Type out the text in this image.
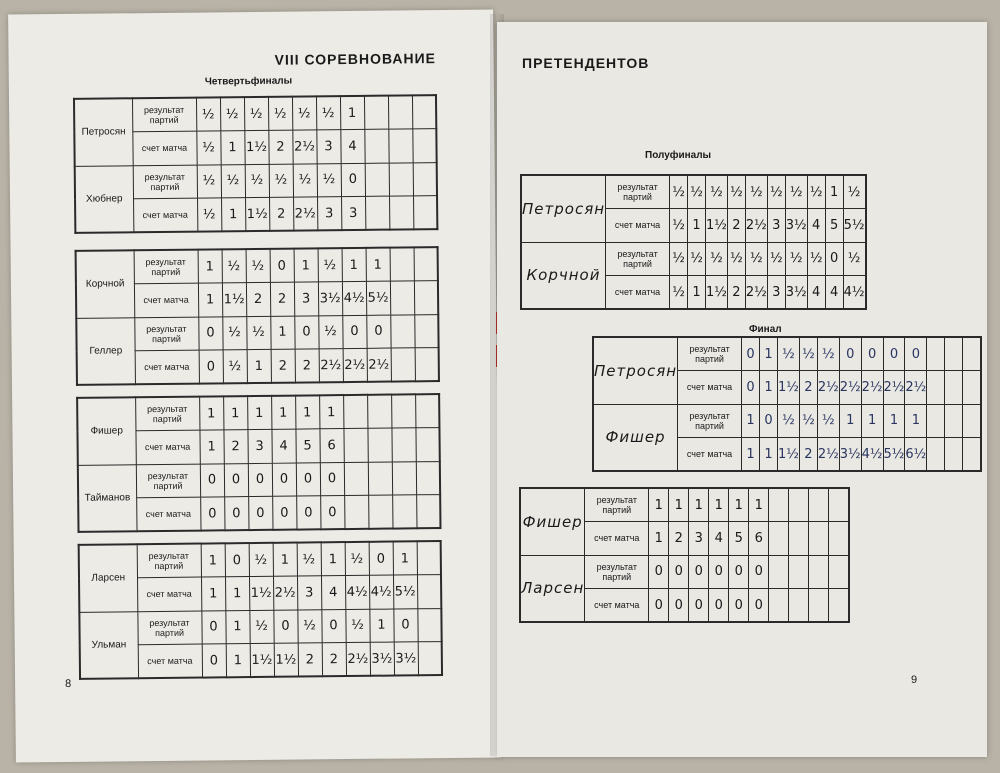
VIII СОРЕВНОВАНИЕ
Четвертьфиналы
Петросян	результат партий	½	½	½	½	½	½	1			
	счет матча	½	1	1½	2	2½	3	4			
Хюбнер	результат партий	½	½	½	½	½	½	0			
	счет матча	½	1	1½	2	2½	3	3			
Корчной	результат партий	1	½	½	0	1	½	1	1		
	счет матча	1	1½	2	2	3	3½	4½	5½		
Геллер	результат партий	0	½	½	1	0	½	0	0		
	счет матча	0	½	1	2	2	2½	2½	2½		
Фишер	результат партий	1	1	1	1	1	1				
	счет матча	1	2	3	4	5	6				
Тайманов	результат партий	0	0	0	0	0	0				
	счет матча	0	0	0	0	0	0				
Ларсен	результат партий	1	0	½	1	½	1	½	0	1	
	счет матча	1	1	1½	2½	3	4	4½	4½	5½	
Ульман	результат партий	0	1	½	0	½	0	½	1	0	
	счет матча	0	1	1½	1½	2	2	2½	3½	3½	
8
ПРЕТЕНДЕНТОВ
Полуфиналы
Финал
Петросян	результат партий	½	½	½	½	½	½	½	½	1	½
	счет матча	½	1	1½	2	2½	3	3½	4	5	5½
Корчной	результат партий	½	½	½	½	½	½	½	½	0	½
	счет матча	½	1	1½	2	2½	3	3½	4	4	4½
Петросян	результат партий	0	1	½	½	½	0	0	0	0			
	счет матча	0	1	1½	2	2½	2½	2½	2½	2½			
Фишер	результат партий	1	0	½	½	½	1	1	1	1			
	счет матча	1	1	1½	2	2½	3½	4½	5½	6½			
Фишер	результат партий	1	1	1	1	1	1				
	счет матча	1	2	3	4	5	6				
Ларсен	результат партий	0	0	0	0	0	0				
	счет матча	0	0	0	0	0	0				
9
